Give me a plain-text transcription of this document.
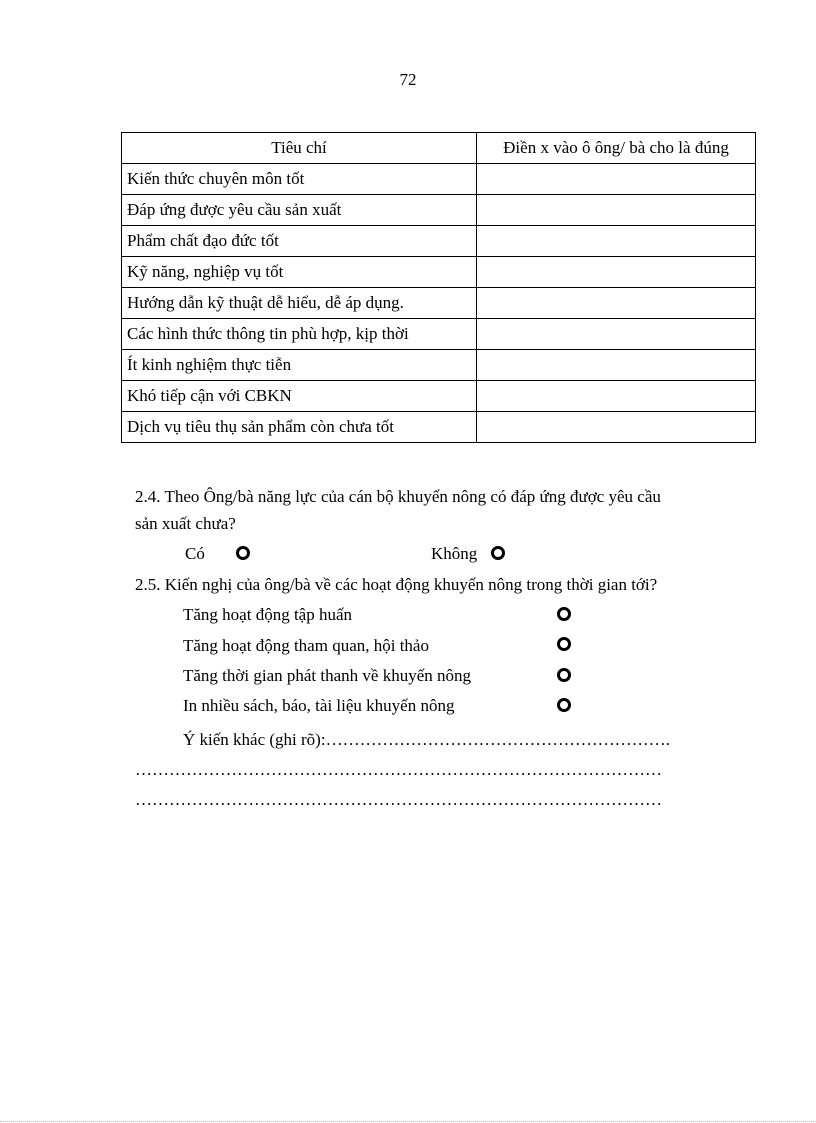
72
Tiêu chí	Điền x vào ô ông/ bà cho là đúng
Kiến thức chuyên môn tốt	
Đáp ứng được yêu cầu sản xuất	
Phẩm chất đạo đức tốt	
Kỹ năng, nghiệp vụ tốt	
Hướng dẫn kỹ thuật dễ hiểu, dễ áp dụng.	
Các hình thức thông tin phù hợp, kịp thời	
Ít kinh nghiệm thực tiễn	
Khó tiếp cận với CBKN	
Dịch vụ tiêu thụ sản phẩm còn chưa tốt	
2.4. Theo Ông/bà năng lực của cán bộ khuyến nông có đáp ứng được yêu cầu
sản xuất chưa?
Có	Không
2.5. Kiến nghị của ông/bà về các hoạt động khuyến nông trong thời gian tới?
Tăng hoạt động tập huấn
Tăng hoạt động tham quan, hội thảo
Tăng thời gian phát thanh về khuyến nông
In nhiều sách, báo, tài liệu khuyến nông
Ý kiến khác (ghi rõ):…………………………………………………….
…………………………………………………………………………………
…………………………………………………………………………………
